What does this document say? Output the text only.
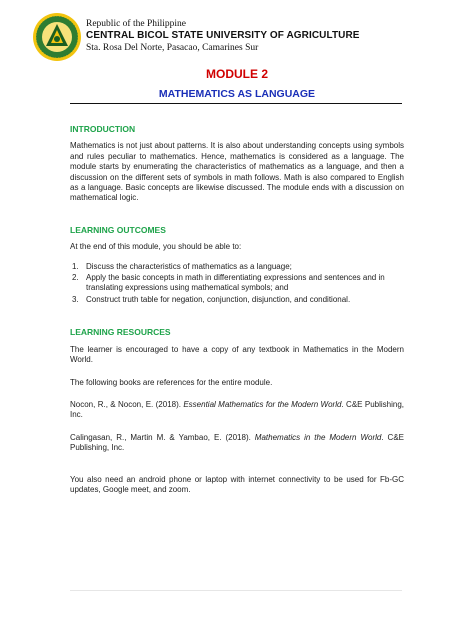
Republic of the Philippine
CENTRAL BICOL STATE UNIVERSITY OF AGRICULTURE
Sta. Rosa Del Norte, Pasacao, Camarines Sur
MODULE 2
MATHEMATICS AS LANGUAGE
INTRODUCTION

Mathematics is not just about patterns. It is also about understanding concepts using symbols and rules peculiar to mathematics. Hence, mathematics is considered as a language. The module starts by enumerating the characteristics of mathematics as a language, and then a discussion on the different sets of symbols in math follows. Math is also compared to English as a language. Basic concepts are likewise discussed. The module ends with a discussion on mathematical logic.

LEARNING OUTCOMES

At the end of this module, you should be able to:

1. Discuss the characteristics of mathematics as a language;
2. Apply the basic concepts in math in differentiating expressions and sentences and in translating expressions using mathematical symbols; and
3. Construct truth table for negation, conjunction, disjunction, and conditional.
LEARNING RESOURCES

The learner is encouraged to have a copy of any textbook in Mathematics in the Modern World.

The following books are references for the entire module.

Nocon, R., & Nocon, E. (2018). Essential Mathematics for the Modern World. C&E Publishing, Inc.

Calingasan, R., Martin M. & Yambao, E. (2018). Mathematics in the Modern World. C&E Publishing, Inc.

You also need an android phone or laptop with internet connectivity to be used for Fb-GC updates, Google meet, and zoom.
